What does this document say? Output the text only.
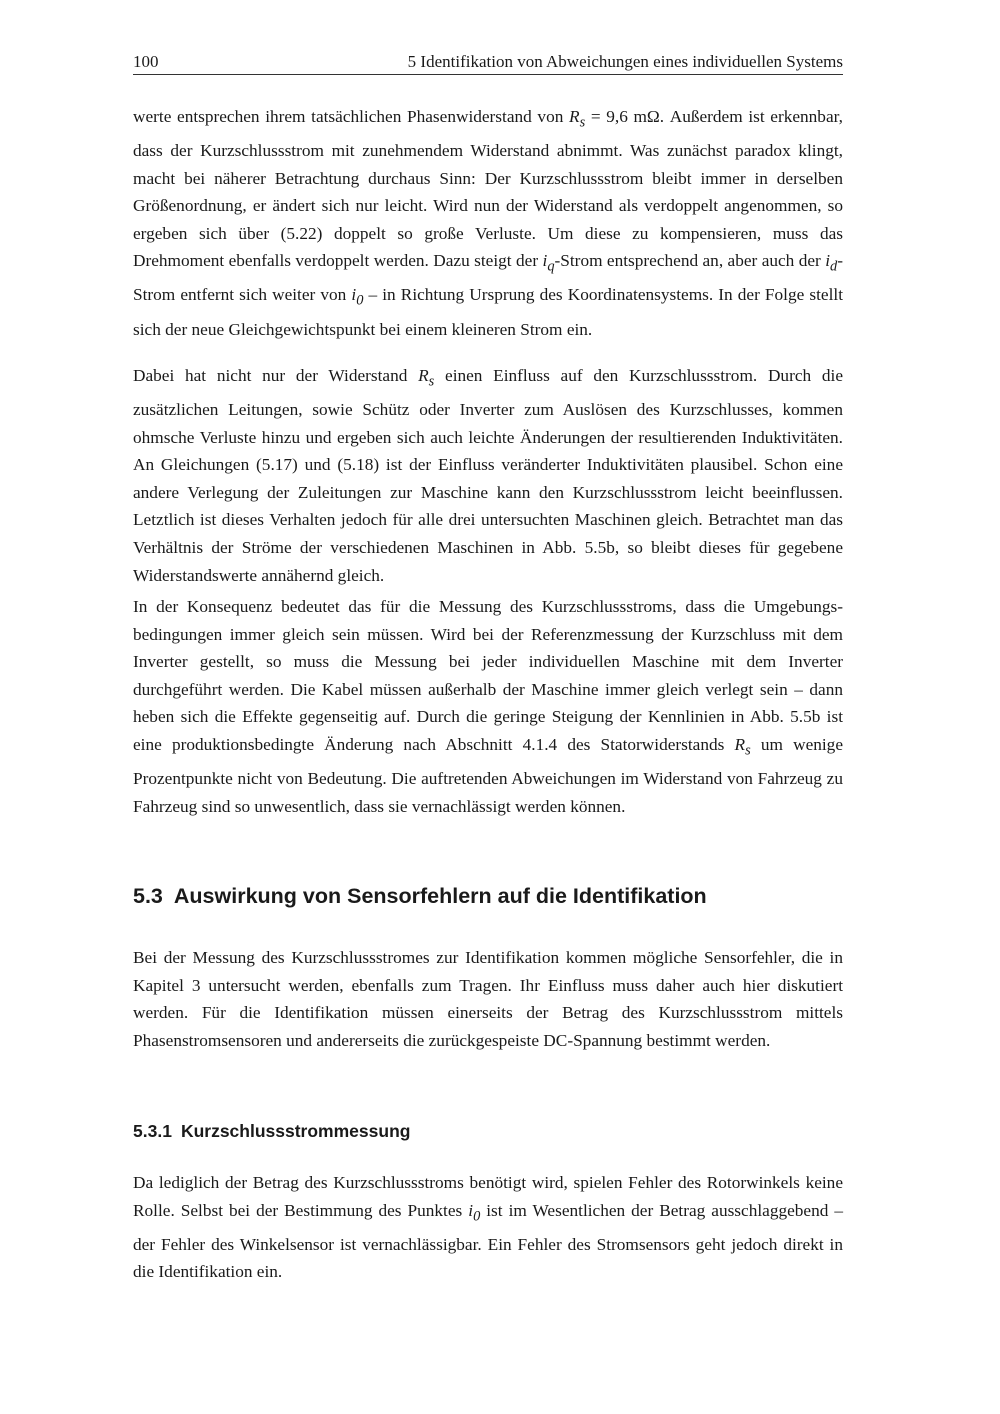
100	5 Identifikation von Abweichungen eines individuellen Systems

werte entsprechen ihrem tatsächlichen Phasenwiderstand von $R_s = 9,6$ mΩ. Außerdem ist erkennbar, dass der Kurzschlussstrom mit zunehmendem Widerstand abnimmt. Was zunächst paradox klingt, macht bei näherer Betrachtung durchaus Sinn: Der Kurzschlussstrom bleibt immer in derselben Größenordnung, er ändert sich nur leicht. Wird nun der Widerstand als verdoppelt angenommen, so ergeben sich über (5.22) doppelt so große Verluste. Um diese zu kompensieren, muss das Drehmoment ebenfalls verdoppelt werden. Dazu steigt der $i_q$-Strom entsprechend an, aber auch der $i_d$-Strom entfernt sich weiter von $i_0$ – in Richtung Ursprung des Koordinatensystems. In der Folge stellt sich der neue Gleichgewichtspunkt bei einem kleineren Strom ein.

Dabei hat nicht nur der Widerstand $R_s$ einen Einfluss auf den Kurzschlussstrom. Durch die zusätzlichen Leitungen, sowie Schütz oder Inverter zum Auslösen des Kurzschlusses, kommen ohmsche Verluste hinzu und ergeben sich auch leichte Änderungen der resultierenden Induktivitäten. An Gleichungen (5.17) und (5.18) ist der Einfluss veränderter Induktivitäten plausibel. Schon eine andere Verlegung der Zuleitungen zur Maschine kann den Kurzschlussstrom leicht beeinflussen. Letztlich ist dieses Verhalten jedoch für alle drei untersuchten Maschinen gleich. Betrachtet man das Verhältnis der Ströme der verschiedenen Maschinen in Abb. 5.5b, so bleibt dieses für gegebene Widerstandswerte annähernd gleich.

In der Konsequenz bedeutet das für die Messung des Kurzschlussstroms, dass die Umgebungsbedingungen immer gleich sein müssen. Wird bei der Referenzmessung der Kurzschluss mit dem Inverter gestellt, so muss die Messung bei jeder individuellen Maschine mit dem Inverter durchgeführt werden. Die Kabel müssen außerhalb der Maschine immer gleich verlegt sein – dann heben sich die Effekte gegenseitig auf. Durch die geringe Steigung der Kennlinien in Abb. 5.5b ist eine produktionsbedingte Änderung nach Abschnitt 4.1.4 des Statorwiderstands $R_s$ um wenige Prozentpunkte nicht von Bedeutung. Die auftretenden Abweichungen im Widerstand von Fahrzeug zu Fahrzeug sind so unwesentlich, dass sie vernachlässigt werden können.

5.3 Auswirkung von Sensorfehlern auf die Identifikation

Bei der Messung des Kurzschlussstromes zur Identifikation kommen mögliche Sensorfehler, die in Kapitel 3 untersucht werden, ebenfalls zum Tragen. Ihr Einfluss muss daher auch hier diskutiert werden. Für die Identifikation müssen einerseits der Betrag des Kurzschlussstrom mittels Phasenstromsensoren und andererseits die zurückgespeiste DC-Spannung bestimmt werden.

5.3.1 Kurzschlussstrommessung

Da lediglich der Betrag des Kurzschlussstroms benötigt wird, spielen Fehler des Rotorwinkels keine Rolle. Selbst bei der Bestimmung des Punktes $i_0$ ist im Wesentlichen der Betrag ausschlaggebend – der Fehler des Winkelsensor ist vernachlässigbar. Ein Fehler des Stromsensors geht jedoch direkt in die Identifikation ein.
